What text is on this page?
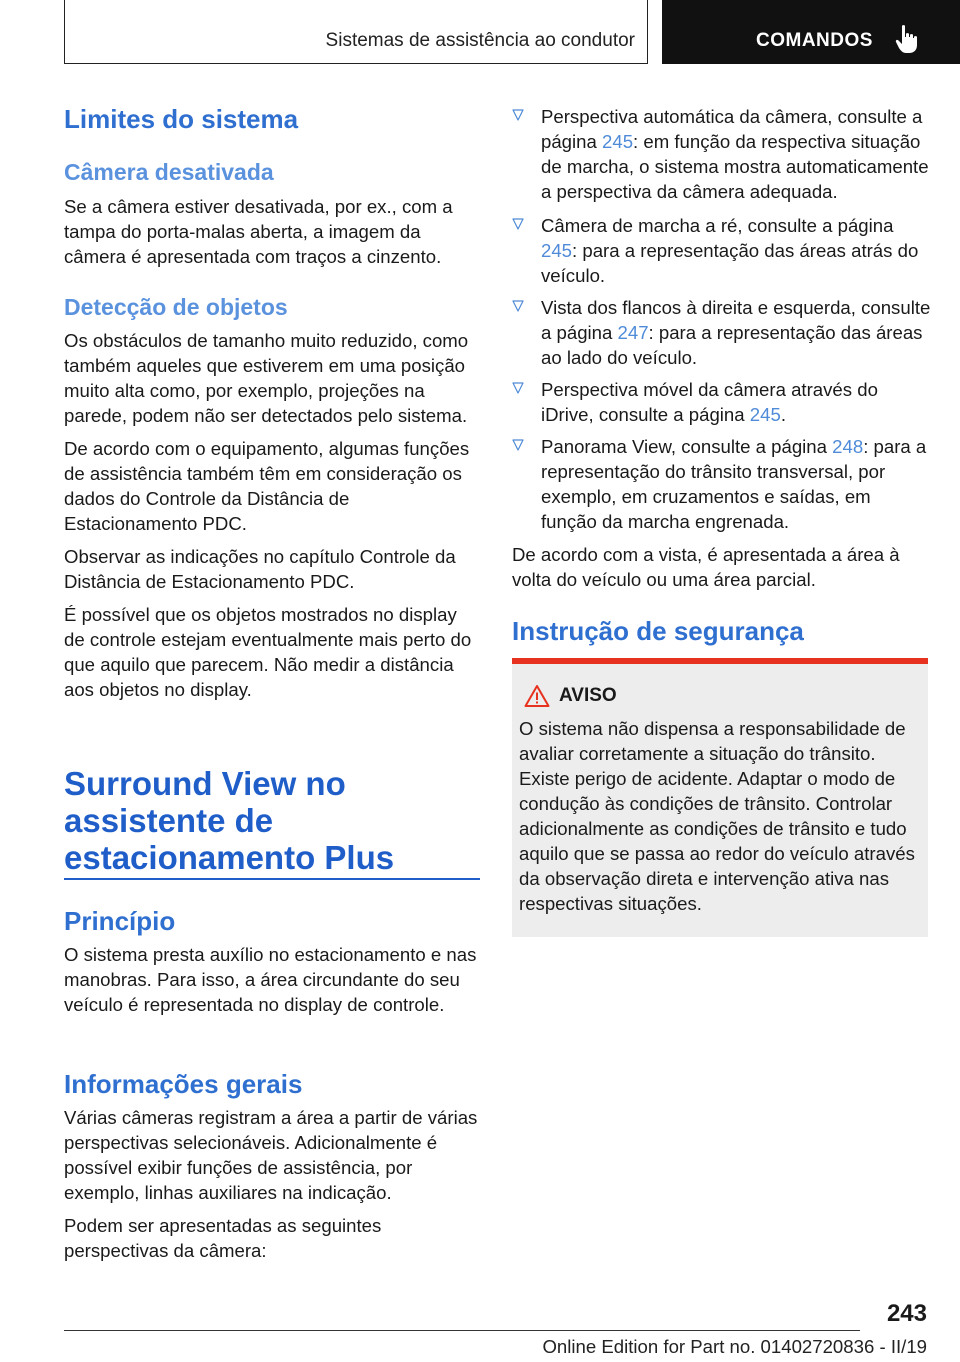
Sistemas de assistência ao condutor	COMANDOS
Limites do sistema
Câmera desativada

Se a câmera estiver desativada, por ex., com a tampa do porta-malas aberta, a imagem da câmera é apresentada com traços a cinzento.

Detecção de objetos

Os obstáculos de tamanho muito reduzido, como também aqueles que estiverem em uma posição muito alta como, por exemplo, projeções na parede, podem não ser detectados pelo sistema.

De acordo com o equipamento, algumas funções de assistência também têm em consideração os dados do Controle da Distância de Estacionamento PDC.

Observar as indicações no capítulo Controle da Distância de Estacionamento PDC.

É possível que os objetos mostrados no display de controle estejam eventualmente mais perto do que aquilo que parecem. Não medir a distância aos objetos no display.

Surround View no
assistente de
estacionamento Plus
Princípio

O sistema presta auxílio no estacionamento e nas manobras. Para isso, a área circundante do seu veículo é representada no display de controle.

Informações gerais

Várias câmeras registram a área a partir de várias perspectivas selecionáveis. Adicionalmente é possível exibir funções de assistência, por exemplo, linhas auxiliares na indicação.

Podem ser apresentadas as seguintes perspectivas da câmera:

Perspectiva automática da câmera, consulte a página 245: em função da respectiva situação de marcha, o sistema mostra automaticamente a perspectiva da câmera adequada.
Câmera de marcha a ré, consulte a página 245: para a representação das áreas atrás do veículo.
Vista dos flancos à direita e esquerda, consulte a página 247: para a representação das áreas ao lado do veículo.
Perspectiva móvel da câmera através do iDrive, consulte a página 245.
Panorama View, consulte a página 248: para a representação do trânsito transversal, por exemplo, em cruzamentos e saídas, em função da marcha engrenada.

De acordo com a vista, é apresentada a área à volta do veículo ou uma área parcial.

Instrução de segurança
AVISO
O sistema não dispensa a responsabilidade de avaliar corretamente a situação do trânsito. Existe perigo de acidente. Adaptar o modo de condução às condições de trânsito. Controlar adicionalmente as condições de trânsito e tudo aquilo que se passa ao redor do veículo através da observação direta e intervenção ativa nas respectivas situações.
243
Online Edition for Part no. 01402720836 - II/19
